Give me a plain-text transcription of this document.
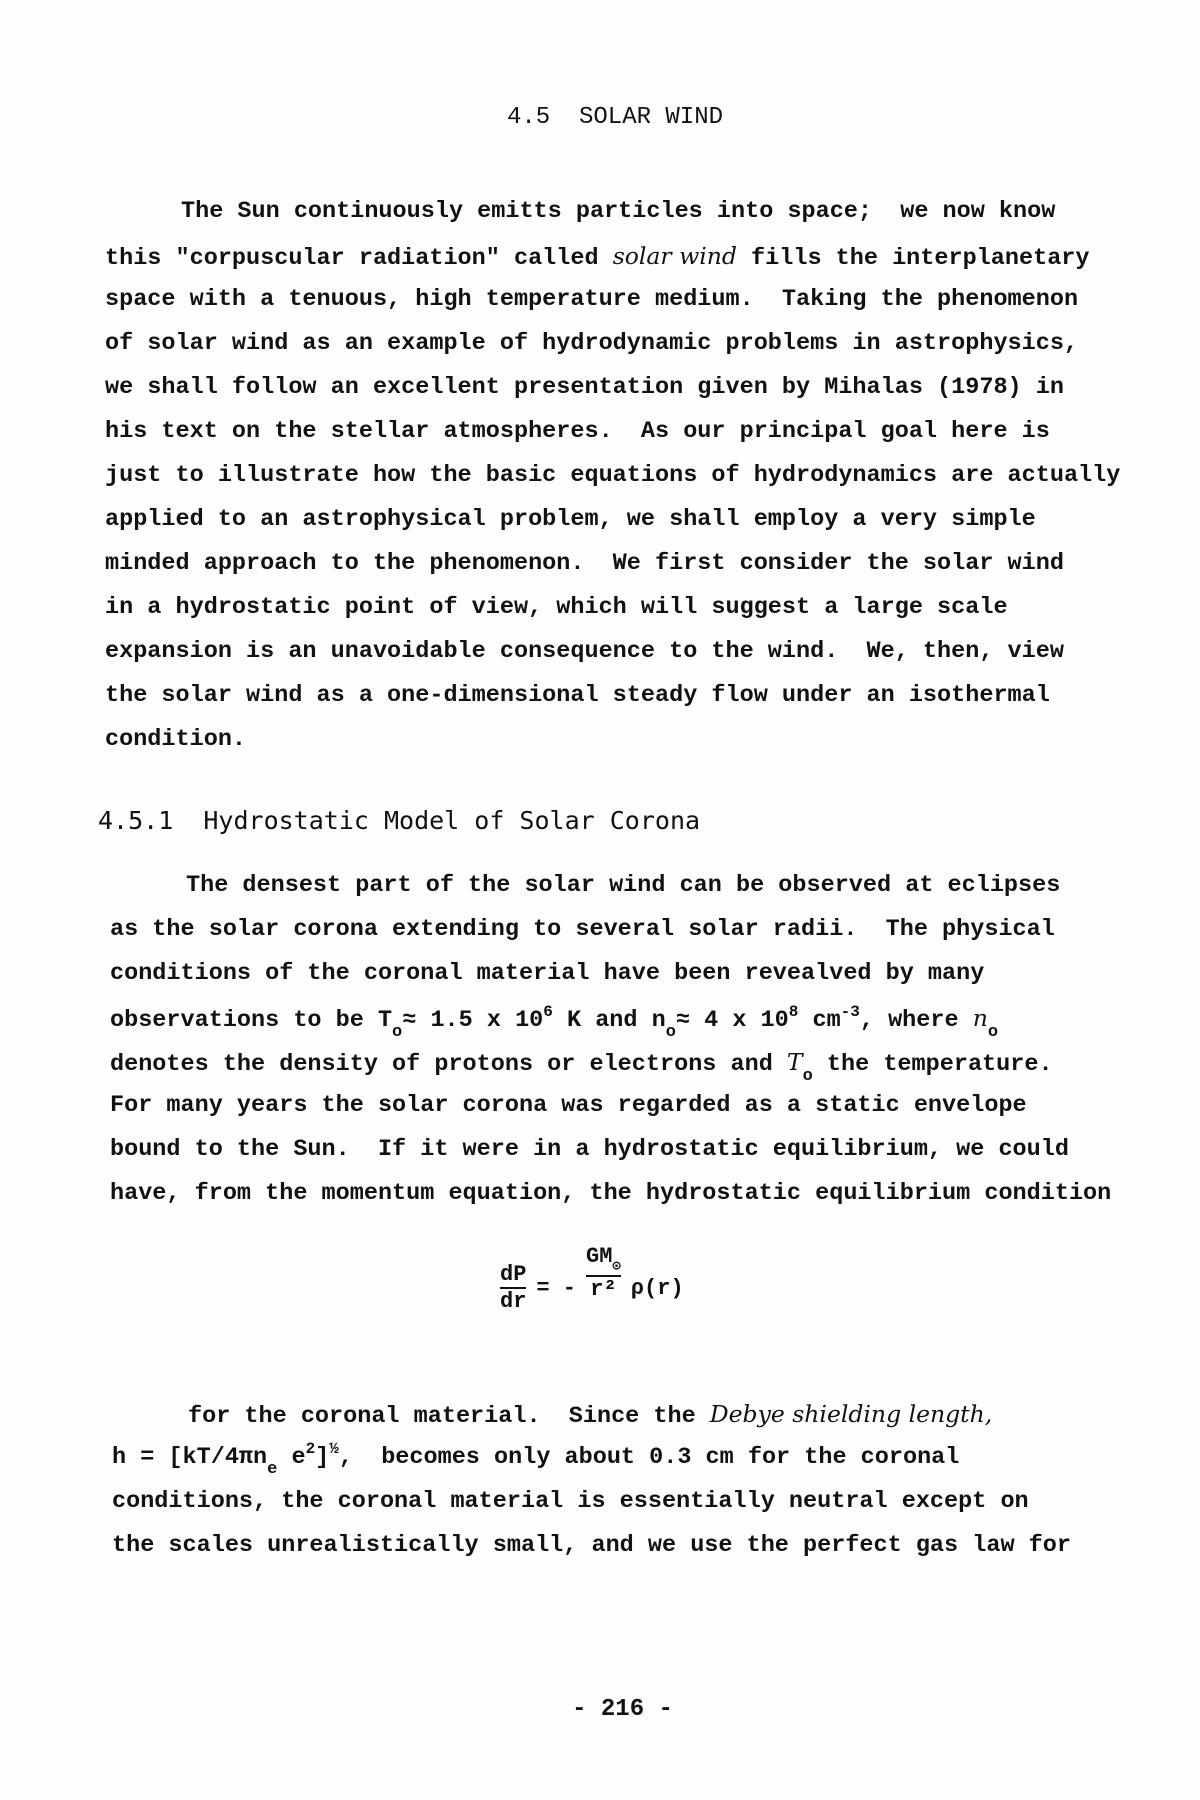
4.5  SOLAR WIND
The Sun continuously emitts particles into space;  we now know
this "corpuscular radiation" called solar wind fills the interplanetary
space with a tenuous, high temperature medium.  Taking the phenomenon
of solar wind as an example of hydrodynamic problems in astrophysics,
we shall follow an excellent presentation given by Mihalas (1978) in
his text on the stellar atmospheres.  As our principal goal here is
just to illustrate how the basic equations of hydrodynamics are actually
applied to an astrophysical problem, we shall employ a very simple
minded approach to the phenomenon.  We first consider the solar wind
in a hydrostatic point of view, which will suggest a large scale
expansion is an unavoidable consequence to the wind.  We, then, view
the solar wind as a one-dimensional steady flow under an isothermal
condition.
4.5.1  Hydrostatic Model of Solar Corona
The densest part of the solar wind can be observed at eclipses
as the solar corona extending to several solar radii.  The physical
conditions of the coronal material have been revealved by many
observations to be $T_o\approx 1.5$ x $10^6$ K and $n_o\approx 4$ x $10^8$ $cm^{-3}$, where $n_o$
denotes the density of protons or electrons and $T_o$ the temperature.
For many years the solar corona was regarded as a static envelope
bound to the Sun.  If it were in a hydrostatic equilibrium, we could
have, from the momentum equation, the hydrostatic equilibrium condition
$\frac{dP}{dr}$ = - $\frac{GM_⊙}{\text{r²}} \rho(r)$
for the coronal material.  Since the Debye shielding length,
$h = [kT/4\pi n_e$ $e^2]^{\frac{1}{2}}$,  becomes only about 0.3 cm for the coronal
conditions, the coronal material is essentially neutral except on
the scales unrealistically small, and we use the perfect gas law for
- 216 -
